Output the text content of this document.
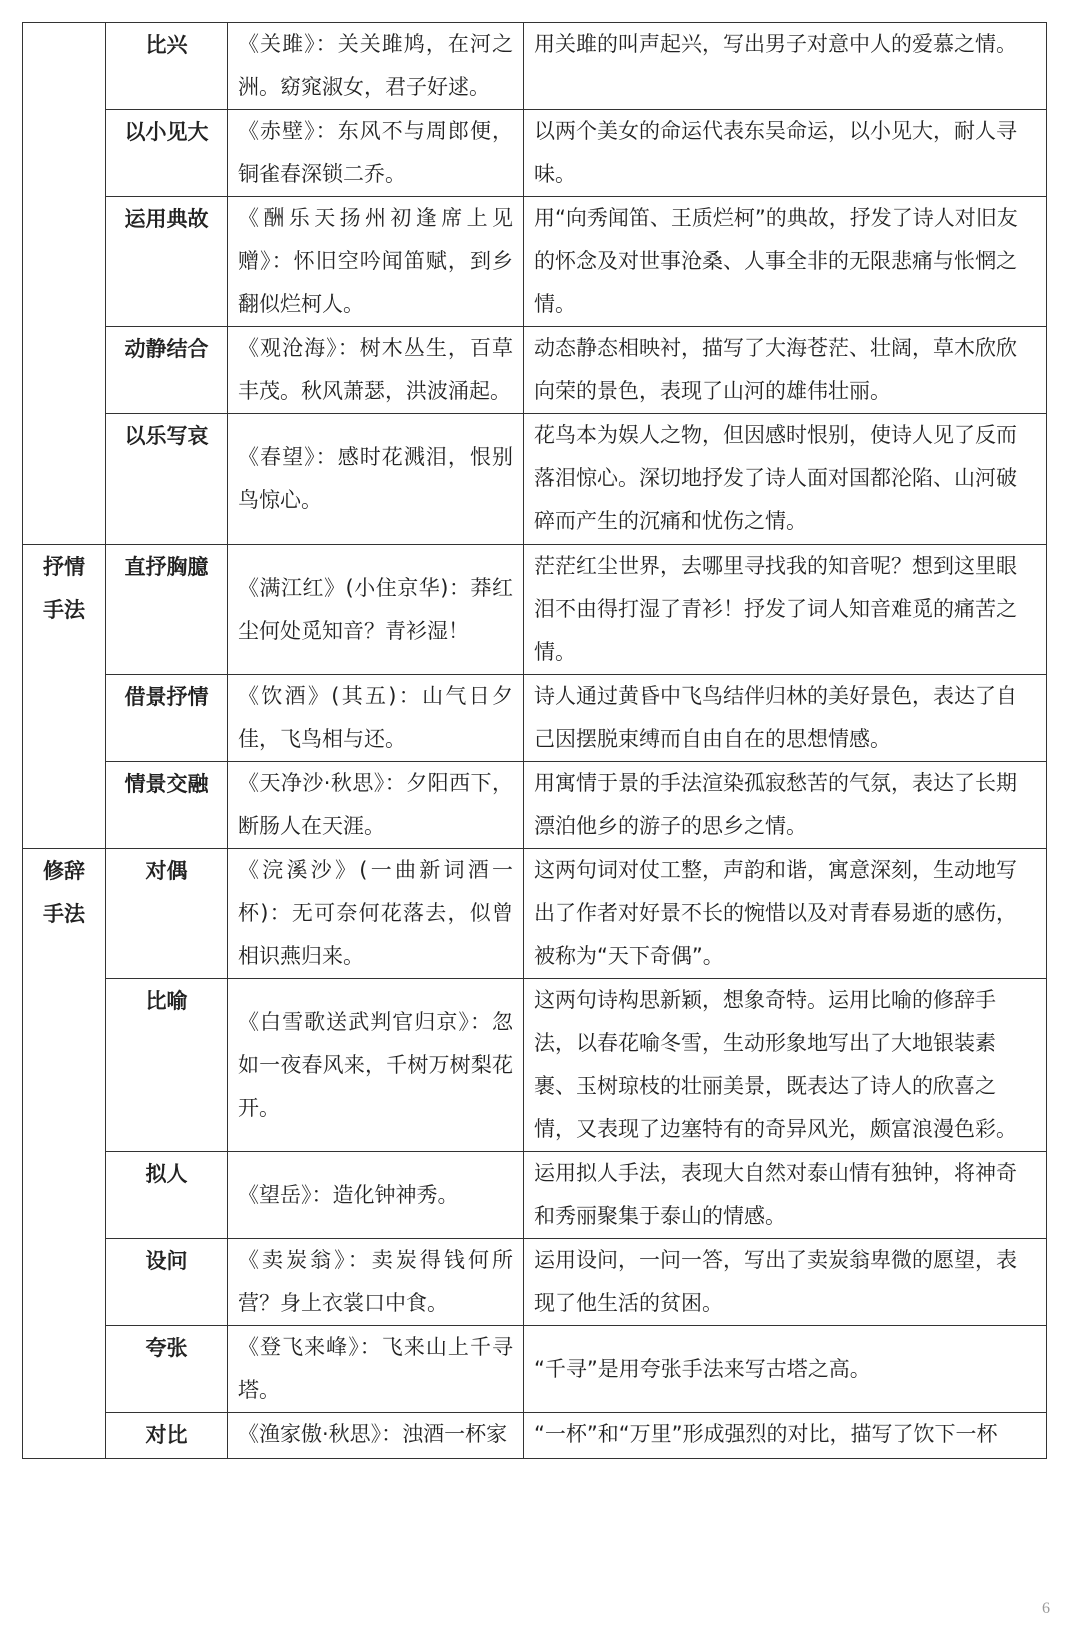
	比兴	《关雎》：关关雎鸠，在河之洲。窈窕淑女，君子好逑。	用关雎的叫声起兴，写出男子对意中人的爱慕之情。
	以小见大	《赤壁》：东风不与周郎便，铜雀春深锁二乔。	以两个美女的命运代表东吴命运，以小见大，耐人寻味。
	运用典故	《酬乐天扬州初逢席上见赠》：怀旧空吟闻笛赋，到乡翻似烂柯人。	用“向秀闻笛、王质烂柯”的典故，抒发了诗人对旧友的怀念及对世事沧桑、人事全非的无限悲痛与怅惘之情。
	动静结合	《观沧海》：树木丛生，百草丰茂。秋风萧瑟，洪波涌起。	动态静态相映衬，描写了大海苍茫、壮阔，草木欣欣向荣的景色，表现了山河的雄伟壮丽。
	以乐写哀	《春望》：感时花溅泪，恨别鸟惊心。	花鸟本为娱人之物，但因感时恨别，使诗人见了反而落泪惊心。深切地抒发了诗人面对国都沦陷、山河破碎而产生的沉痛和忧伤之情。
抒情手法	直抒胸臆	《满江红》(小住京华)：莽红尘何处觅知音？青衫湿！	茫茫红尘世界，去哪里寻找我的知音呢？想到这里眼泪不由得打湿了青衫！抒发了词人知音难觅的痛苦之情。
	借景抒情	《饮酒》(其五)：山气日夕佳，飞鸟相与还。	诗人通过黄昏中飞鸟结伴归林的美好景色，表达了自己因摆脱束缚而自由自在的思想情感。
	情景交融	《天净沙·秋思》：夕阳西下，断肠人在天涯。	用寓情于景的手法渲染孤寂愁苦的气氛，表达了长期漂泊他乡的游子的思乡之情。
修辞手法	对偶	《浣溪沙》(一曲新词酒一杯)：无可奈何花落去，似曾相识燕归来。	这两句词对仗工整，声韵和谐，寓意深刻，生动地写出了作者对好景不长的惋惜以及对青春易逝的感伤，被称为“天下奇偶”。
	比喻	《白雪歌送武判官归京》：忽如一夜春风来，千树万树梨花开。	这两句诗构思新颖，想象奇特。运用比喻的修辞手法，以春花喻冬雪，生动形象地写出了大地银装素裹、玉树琼枝的壮丽美景，既表达了诗人的欣喜之情，又表现了边塞特有的奇异风光，颇富浪漫色彩。
	拟人	《望岳》：造化钟神秀。	运用拟人手法，表现大自然对泰山情有独钟，将神奇和秀丽聚集于泰山的情感。
	设问	《卖炭翁》：卖炭得钱何所营？身上衣裳口中食。	运用设问，一问一答，写出了卖炭翁卑微的愿望，表现了他生活的贫困。
	夸张	《登飞来峰》：飞来山上千寻塔。	“千寻”是用夸张手法来写古塔之高。
	对比	《渔家傲·秋思》：浊酒一杯家	“一杯”和“万里”形成强烈的对比，描写了饮下一杯
6
